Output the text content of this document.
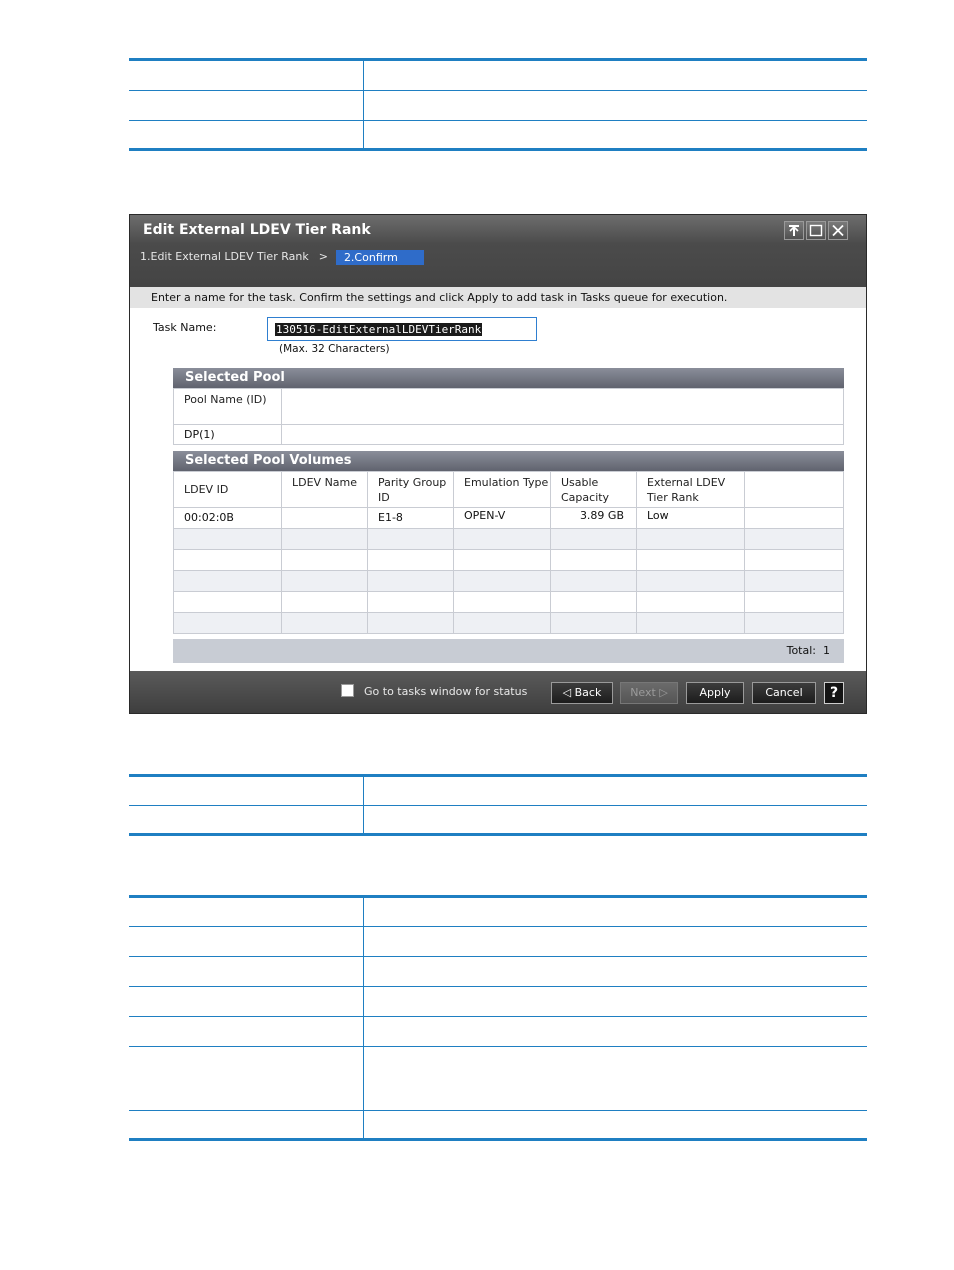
Edit External LDEV Tier Rank
1.Edit External LDEV Tier Rank > 2.Confirm
Enter a name for the task. Confirm the settings and click Apply to add task in Tasks queue for execution.
Task Name:	130516-EditExternalLDEVTierRank
(Max. 32 Characters)
Selected Pool
Pool Name (ID)	
DP(1)	
Selected Pool Volumes
LDEV ID	LDEV Name	Parity Group ID	Emulation Type	Usable Capacity	External LDEV Tier Rank	
00:02:0B		E1-8	OPEN-V	3.89 GB	Low	

Total: 1
Go to tasks window for status	◁ Back	Next ▷	Apply	Cancel	?
